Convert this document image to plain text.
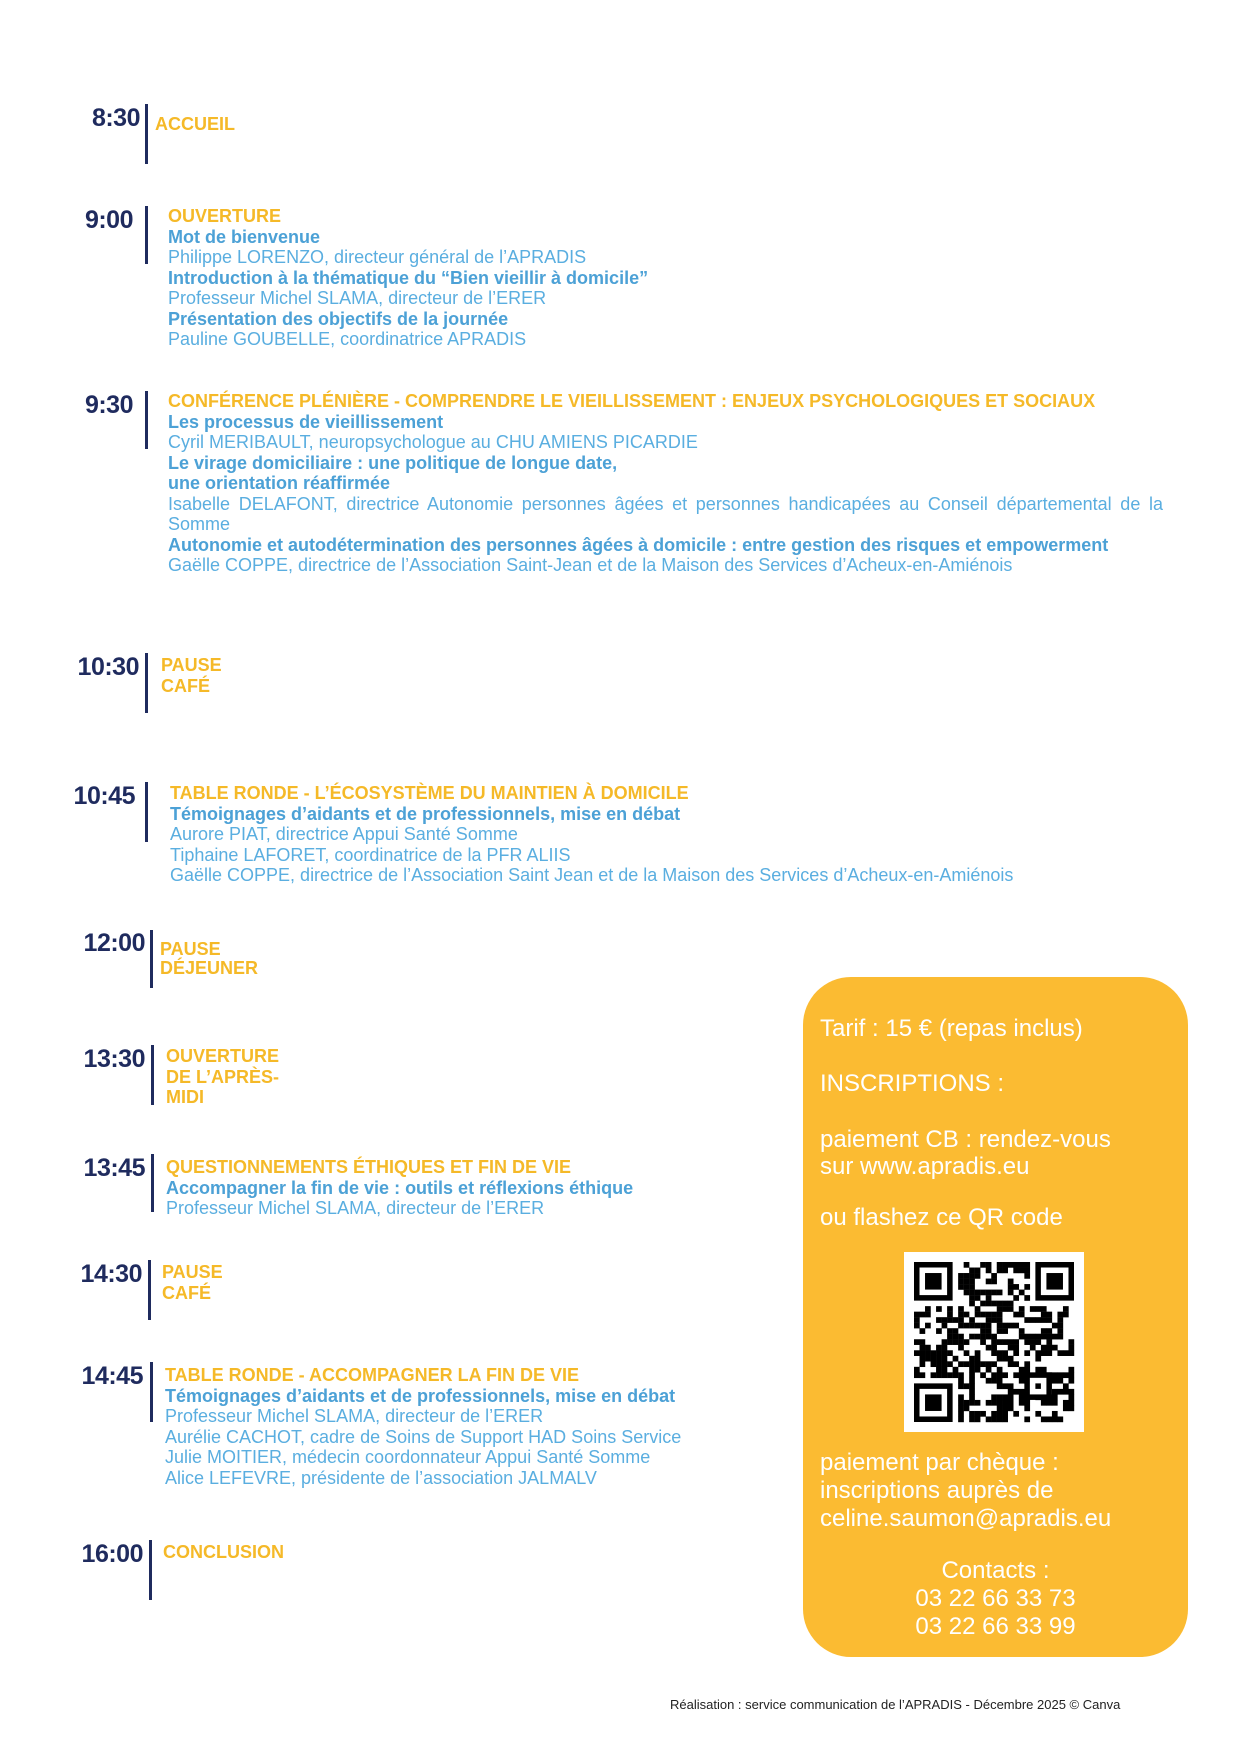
8:30 ACCUEIL
9:00 OUVERTURE
Mot de bienvenue
Philippe LORENZO, directeur général de l’APRADIS
Introduction à la thématique du “Bien vieillir à domicile”
Professeur Michel SLAMA, directeur de l’ERER
Présentation des objectifs de la journée
Pauline GOUBELLE, coordinatrice APRADIS
9:30 CONFÉRENCE PLÉNIÈRE - COMPRENDRE LE VIEILLISSEMENT : ENJEUX PSYCHOLOGIQUES ET SOCIAUX
Les processus de vieillissement
Cyril MERIBAULT, neuropsychologue au CHU AMIENS PICARDIE
Le virage domiciliaire : une politique de longue date,
une orientation réaffirmée
Isabelle DELAFONT, directrice Autonomie personnes âgées et personnes handicapées au Conseil départemental de la Somme
Autonomie et autodétermination des personnes âgées à domicile : entre gestion des risques et empowerment
Gaëlle COPPE, directrice de l’Association Saint-Jean et de la Maison des Services d’Acheux-en-Amiénois
10:30 PAUSE CAFÉ
10:45 TABLE RONDE - L’ÉCOSYSTÈME DU MAINTIEN À DOMICILE
Témoignages d’aidants et de professionnels, mise en débat
Aurore PIAT, directrice Appui Santé Somme
Tiphaine LAFORET, coordinatrice de la PFR ALIIS
Gaëlle COPPE, directrice de l’Association Saint Jean et de la Maison des Services d’Acheux-en-Amiénois
12:00 PAUSE
DÉJEUNER
13:30 OUVERTURE DE L’APRÈS-MIDI
13:45 QUESTIONNEMENTS ÉTHIQUES ET FIN DE VIE
Accompagner la fin de vie : outils et réflexions éthique
Professeur Michel SLAMA, directeur de l’ERER
14:30 PAUSE CAFÉ
14:45 TABLE RONDE - ACCOMPAGNER LA FIN DE VIE
Témoignages d’aidants et de professionnels, mise en débat
Professeur Michel SLAMA, directeur de l’ERER
Aurélie CACHOT, cadre de Soins de Support HAD Soins Service
Julie MOITIER, médecin coordonnateur Appui Santé Somme
Alice LEFEVRE, présidente de l’association JALMALV
16:00 CONCLUSION
Tarif : 15 € (repas inclus)
INSCRIPTIONS :
paiement CB : rendez-vous
sur www.apradis.eu
ou flashez ce QR code
paiement par chèque :
inscriptions auprès de
celine.saumon@apradis.eu
Contacts :
03 22 66 33 73
03 22 66 33 99
Réalisation : service communication de l’APRADIS - Décembre 2025 © Canva
